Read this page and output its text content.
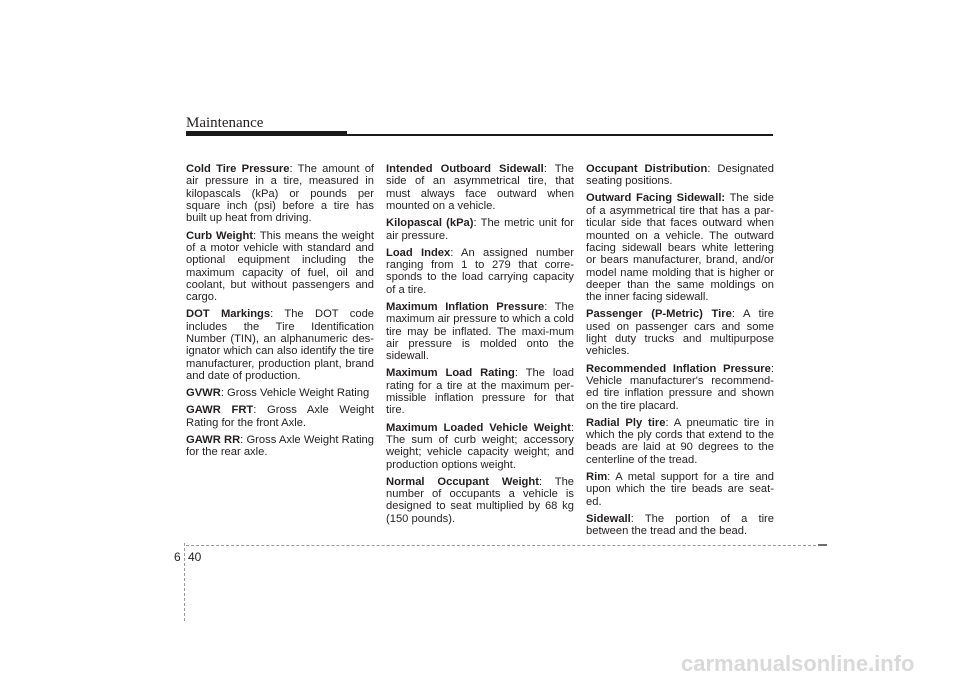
Maintenance

Cold Tire Pressure: The amount of air pressure in a tire, measured in kilopascals (kPa) or pounds per square inch (psi) before a tire has built up heat from driving.

Curb Weight: This means the weight of a motor vehicle with standard and optional equipment including the maximum capacity of fuel, oil and coolant, but without passengers and cargo.

DOT Markings: The DOT code includes the Tire Identification Number (TIN), an alphanumeric des-ignator which can also identify the tire manufacturer, production plant, brand and date of production.

GVWR: Gross Vehicle Weight Rating

GAWR FRT: Gross Axle Weight Rating for the front Axle.

GAWR RR: Gross Axle Weight Rating for the rear axle.

Intended Outboard Sidewall: The side of an asymmetrical tire, that must always face outward when mounted on a vehicle.

Kilopascal (kPa): The metric unit for air pressure.

Load Index: An assigned number ranging from 1 to 279 that corre-sponds to the load carrying capacity of a tire.

Maximum Inflation Pressure: The maximum air pressure to which a cold tire may be inflated. The maxi-mum air pressure is molded onto the sidewall.

Maximum Load Rating: The load rating for a tire at the maximum per-missible inflation pressure for that tire.

Maximum Loaded Vehicle Weight: The sum of curb weight; accessory weight; vehicle capacity weight; and production options weight.

Normal Occupant Weight: The number of occupants a vehicle is designed to seat multiplied by 68 kg (150 pounds).

Occupant Distribution: Designated seating positions.

Outward Facing Sidewall: The side of a asymmetrical tire that has a par-ticular side that faces outward when mounted on a vehicle. The outward facing sidewall bears white lettering or bears manufacturer, brand, and/or model name molding that is higher or deeper than the same moldings on the inner facing sidewall.

Passenger (P-Metric) Tire: A tire used on passenger cars and some light duty trucks and multipurpose vehicles.

Recommended Inflation Pressure: Vehicle manufacturer's recommend-ed tire inflation pressure and shown on the tire placard.

Radial Ply tire: A pneumatic tire in which the ply cords that extend to the beads are laid at 90 degrees to the centerline of the tread.

Rim: A metal support for a tire and upon which the tire beads are seat-ed.

Sidewall: The portion of a tire between the tread and the bead.

6 40
carmanualsonline.info
